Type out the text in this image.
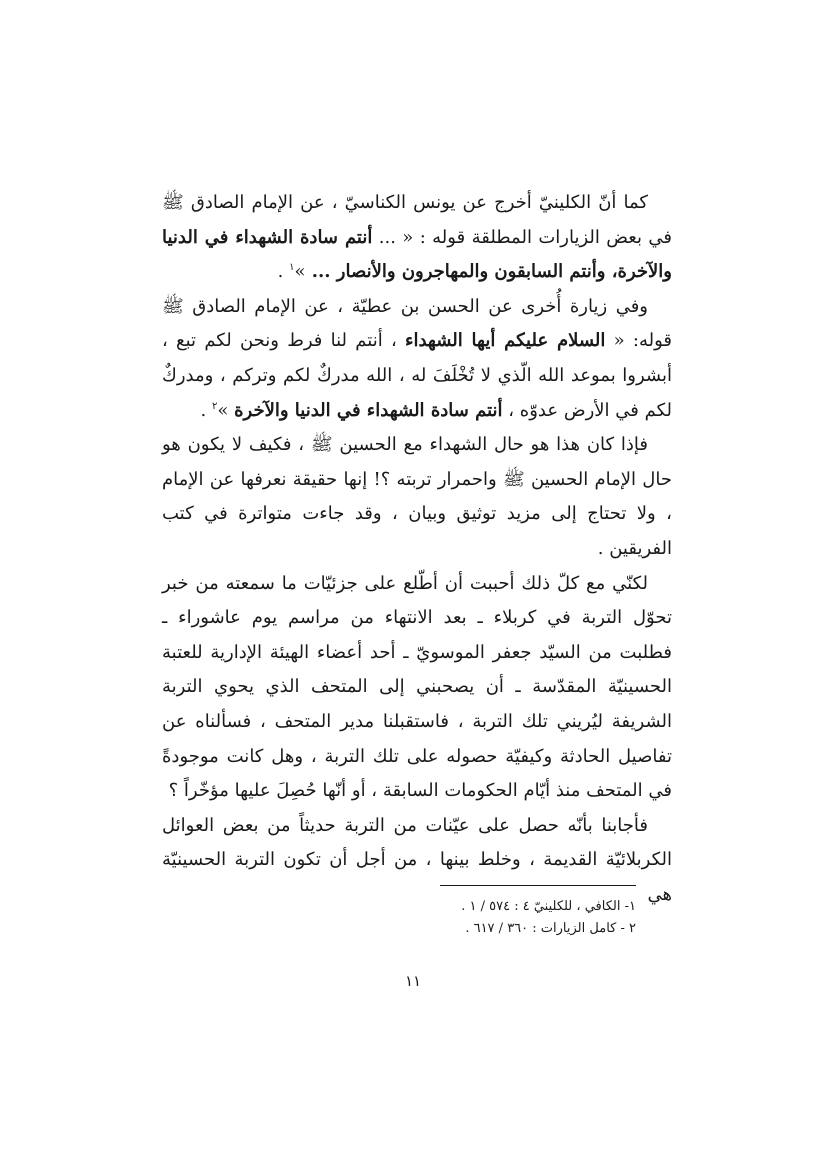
كما أنّ الكلينيّ أخرج عن يونس الكناسيّ ، عن الإمام الصادق ﷺ في بعض الزيارات المطلقة قوله : « ... أنتم سادة الشهداء في الدنيا والآخرة، وأنتم السابقون والمهاجرون والأنصار ... »$^١$ .

وفي زيارة أُخرى عن الحسن بن عطيّة ، عن الإمام الصادق ﷺ قوله: « السلام عليكم أيها الشهداء ، أنتم لنا فرط ونحن لكم تبع ، أبشروا بموعد الله الّذي لا تُخْلَفَ له ، الله مدركٌ لكم وتركم ، ومدركٌ لكم في الأرض عدوّه ، أنتم سادة الشهداء في الدنيا والآخرة »$^٢$ .

فإذا كان هذا هو حال الشهداء مع الحسين ﷺ ، فكيف لا يكون هو حال الإمام الحسين ﷺ واحمرار تربته ؟! إنها حقيقة نعرفها عن الإمام ، ولا تحتاج إلى مزيد توثيق وبيان ، وقد جاءت متواترة في كتب الفريقين .

لكنّي مع كلّ ذلك أحببت أن أطّلع على جزئيّات ما سمعته من خبر تحوّل التربة في كربلاء ـ بعد الانتهاء من مراسم يوم عاشوراء ـ فطلبت من السيّد جعفر الموسويّ ـ أحد أعضاء الهيئة الإدارية للعتبة الحسينيّة المقدّسة ـ أن يصحبني إلى المتحف الذي يحوي التربة الشريفة ليُريني تلك التربة ، فاستقبلنا مدير المتحف ، فسألناه عن تفاصيل الحادثة وكيفيّة حصوله على تلك التربة ، وهل كانت موجودةً في المتحف منذ أيّام الحكومات السابقة ، أو أنّها حُصِلَ عليها مؤخّراً ؟

فأجابنا بأنّه حصل على عيّنات من التربة حديثاً من بعض العوائل الكربلائيّة القديمة ، وخلط بينها ، من أجل أن تكون التربة الحسينيّة هي

١- الكافي ، للكلينيّ ٤ : ٥٧٤ / ١ .

٢ - كامل الزيارات : ٣٦٠ / ٦١٧ .

١١
